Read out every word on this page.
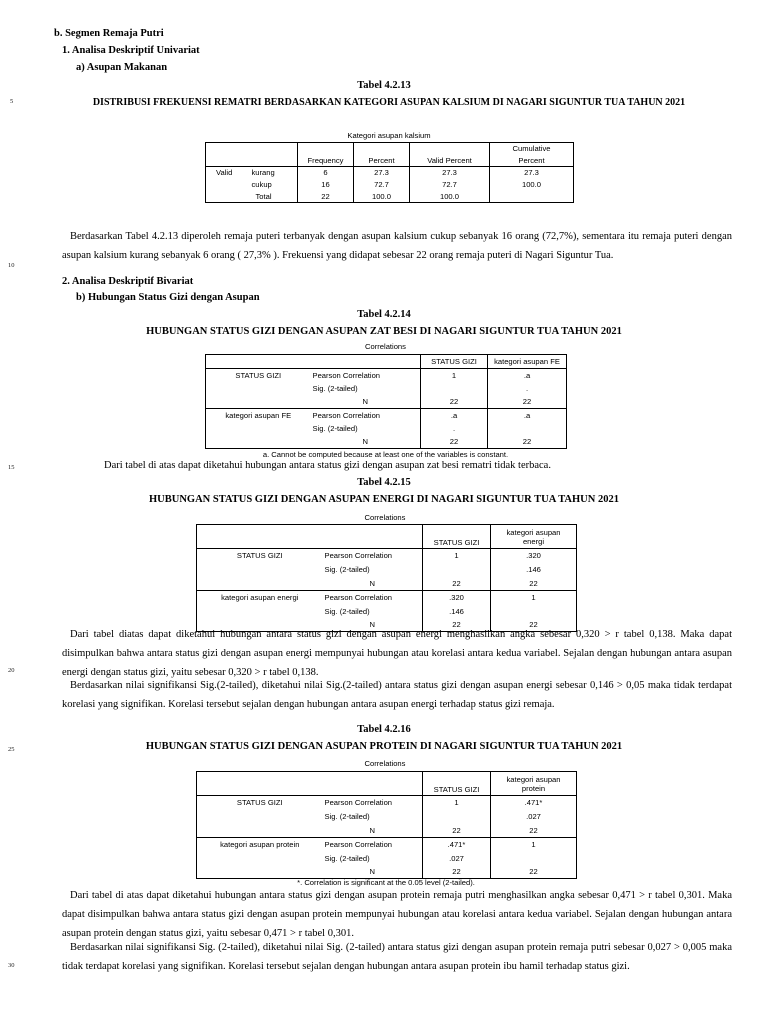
5
10
15
20
25
30
b. Segmen Remaja Putri
1. Analisa Deskriptif Univariat
a) Asupan Makanan
Tabel 4.2.13
DISTRIBUSI FREKUENSI REMATRI BERDASARKAN KATEGORI ASUPAN KALSIUM DI NAGARI SIGUNTUR TUA TAHUN 2021
Kategori asupan kalsium
					Cumulative
		Frequency	Percent	Valid Percent	Percent
Valid	kurang	6	27.3	27.3	27.3
	cukup	16	72.7	72.7	100.0
	Total	22	100.0	100.0	
Berdasarkan Tabel 4.2.13 diperoleh remaja puteri terbanyak dengan asupan kalsium cukup sebanyak 16 orang (72,7%), sementara itu remaja puteri dengan asupan kalsium kurang sebanyak 6 orang ( 27,3% ). Frekuensi yang didapat sebesar 22 orang remaja puteri di Nagari Siguntur Tua.
2. Analisa Deskriptif Bivariat
b) Hubungan Status Gizi dengan Asupan
Tabel 4.2.14
HUBUNGAN STATUS GIZI DENGAN ASUPAN ZAT BESI DI NAGARI SIGUNTUR TUA TAHUN 2021
Correlations
		STATUS GIZI	kategori asupan FE
STATUS GIZI	Pearson Correlation	1	.a
	Sig. (2-tailed)		.
	N	22	22
kategori asupan FE	Pearson Correlation	.a	.a
	Sig. (2-tailed)	.	
	N	22	22
a. Cannot be computed because at least one of the variables is constant.
Dari tabel di atas dapat diketahui hubungan antara status gizi dengan asupan zat besi rematri tidak terbaca.
Tabel 4.2.15
HUBUNGAN STATUS GIZI DENGAN ASUPAN ENERGI DI NAGARI SIGUNTUR TUA TAHUN 2021
Correlations
		STATUS GIZI	kategori asupan
energi

STATUS GIZI	Pearson Correlation	1	.320
	Sig. (2-tailed)		.146
	N	22	22
kategori asupan energi	Pearson Correlation	.320	1
	Sig. (2-tailed)	.146	
	N	22	22
Dari tabel diatas dapat diketahui hubungan antara status gizi dengan asupan energi menghasilkan angka sebesar 0,320 > r tabel 0,138. Maka dapat disimpulkan bahwa antara status gizi dengan asupan energi mempunyai hubungan atau korelasi antara kedua variabel. Sejalan dengan hubungan antara asupan energi dengan status gizi, yaitu sebesar 0,320 > r tabel 0,138.
Berdasarkan nilai signifikansi Sig.(2-tailed), diketahui nilai Sig.(2-tailed) antara status gizi dengan asupan energi sebesar 0,146 > 0,05 maka tidak terdapat korelasi yang signifikan. Korelasi tersebut sejalan dengan hubungan antara asupan energi terhadap status gizi remaja.
Tabel 4.2.16
HUBUNGAN STATUS GIZI DENGAN ASUPAN PROTEIN DI NAGARI SIGUNTUR TUA TAHUN 2021
Correlations
		STATUS GIZI	kategori asupan
protein

STATUS GIZI	Pearson Correlation	1	.471*
	Sig. (2-tailed)		.027
	N	22	22
kategori asupan protein	Pearson Correlation	.471*	1
	Sig. (2-tailed)	.027	
	N	22	22
*. Correlation is significant at the 0.05 level (2-tailed).
Dari tabel di atas dapat diketahui hubungan antara status gizi dengan asupan protein remaja putri menghasilkan angka sebesar 0,471 > r tabel 0,301. Maka dapat disimpulkan bahwa antara status gizi dengan asupan protein mempunyai hubungan atau korelasi antara kedua variabel. Sejalan dengan hubungan antara asupan protein dengan status gizi, yaitu sebesar 0,471 > r tabel 0,301.
Berdasarkan nilai signifikansi Sig. (2-tailed), diketahui nilai Sig. (2-tailed) antara status gizi dengan asupan protein remaja putri sebesar 0,027 > 0,005 maka tidak terdapat korelasi yang signifikan. Korelasi tersebut sejalan dengan hubungan antara asupan protein ibu hamil terhadap status gizi.
